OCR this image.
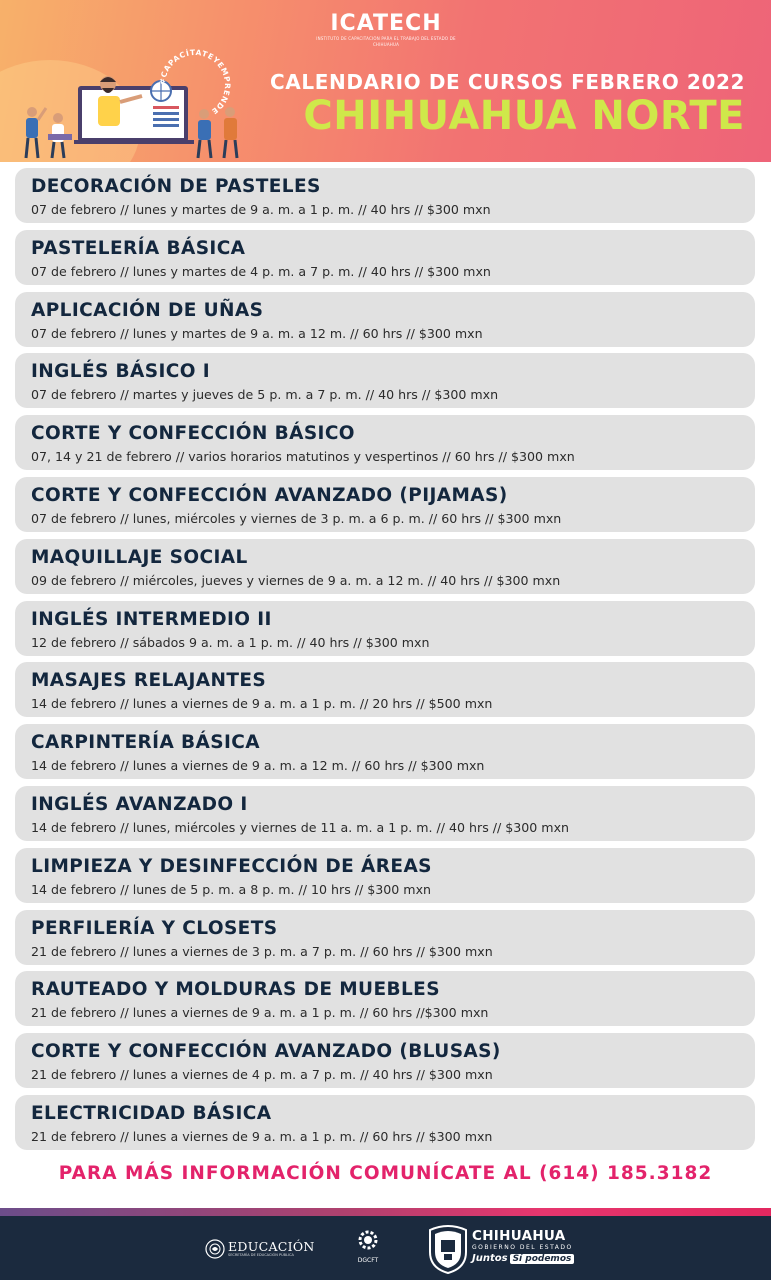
#CAPACÍTATEYEMPRENDE
ICATECH
INSTITUTO DE CAPACITACIÓN PARA EL TRABAJO DEL ESTADO DE CHIHUAHUA
CALENDARIO DE CURSOS FEBRERO 2022
CHIHUAHUA NORTE
DECORACIÓN DE PASTELES
07 de febrero // lunes y martes de 9 a. m. a 1 p. m. // 40 hrs // $300 mxn
PASTELERÍA BÁSICA
07 de febrero // lunes y martes de 4 p. m. a 7 p. m. // 40 hrs // $300 mxn
APLICACIÓN DE UÑAS
07 de febrero // lunes y martes de 9 a. m. a 12 m. // 60 hrs // $300 mxn
INGLÉS BÁSICO I
07 de febrero // martes y jueves de 5 p. m. a 7 p. m. // 40 hrs // $300 mxn
CORTE Y CONFECCIÓN BÁSICO
07, 14 y 21 de febrero // varios horarios matutinos y vespertinos // 60 hrs // $300 mxn
CORTE Y CONFECCIÓN AVANZADO (PIJAMAS)
07 de febrero // lunes, miércoles y viernes de 3 p. m. a 6 p. m. // 60 hrs // $300 mxn
MAQUILLAJE SOCIAL
09 de febrero // miércoles, jueves y viernes de 9 a. m. a 12 m. // 40 hrs // $300 mxn
INGLÉS INTERMEDIO II
12 de febrero // sábados 9 a. m. a 1 p. m. // 40 hrs // $300 mxn
MASAJES RELAJANTES
14 de febrero // lunes a viernes de 9 a. m. a 1 p. m. // 20 hrs // $500 mxn
CARPINTERÍA BÁSICA
14 de febrero // lunes a viernes de 9 a. m. a 12 m. // 60 hrs // $300 mxn
INGLÉS AVANZADO I
14 de febrero // lunes, miércoles y viernes de 11 a. m. a 1 p. m. // 40 hrs // $300 mxn
LIMPIEZA Y DESINFECCIÓN DE ÁREAS
14 de febrero // lunes de 5 p. m. a 8 p. m. // 10 hrs // $300 mxn
PERFILERÍA Y CLOSETS
21 de febrero // lunes a viernes de 3 p. m. a 7 p. m. // 60 hrs // $300 mxn
RAUTEADO Y MOLDURAS DE MUEBLES
21 de febrero // lunes a viernes de 9 a. m. a 1 p. m. // 60 hrs //$300 mxn
CORTE Y CONFECCIÓN AVANZADO (BLUSAS)
21 de febrero // lunes a viernes de 4 p. m. a 7 p. m. // 40 hrs // $300 mxn
ELECTRICIDAD BÁSICA
21 de febrero // lunes a viernes de 9 a. m. a 1 p. m. // 60 hrs // $300 mxn
PARA MÁS INFORMACIÓN COMUNÍCATE AL (614) 185.3182
EDUCACIÓN
SECRETARÍA DE EDUCACIÓN PÚBLICA
DGCFT
CHIHUAHUA
GOBIERNO DEL ESTADO
Juntos Sí podemos
